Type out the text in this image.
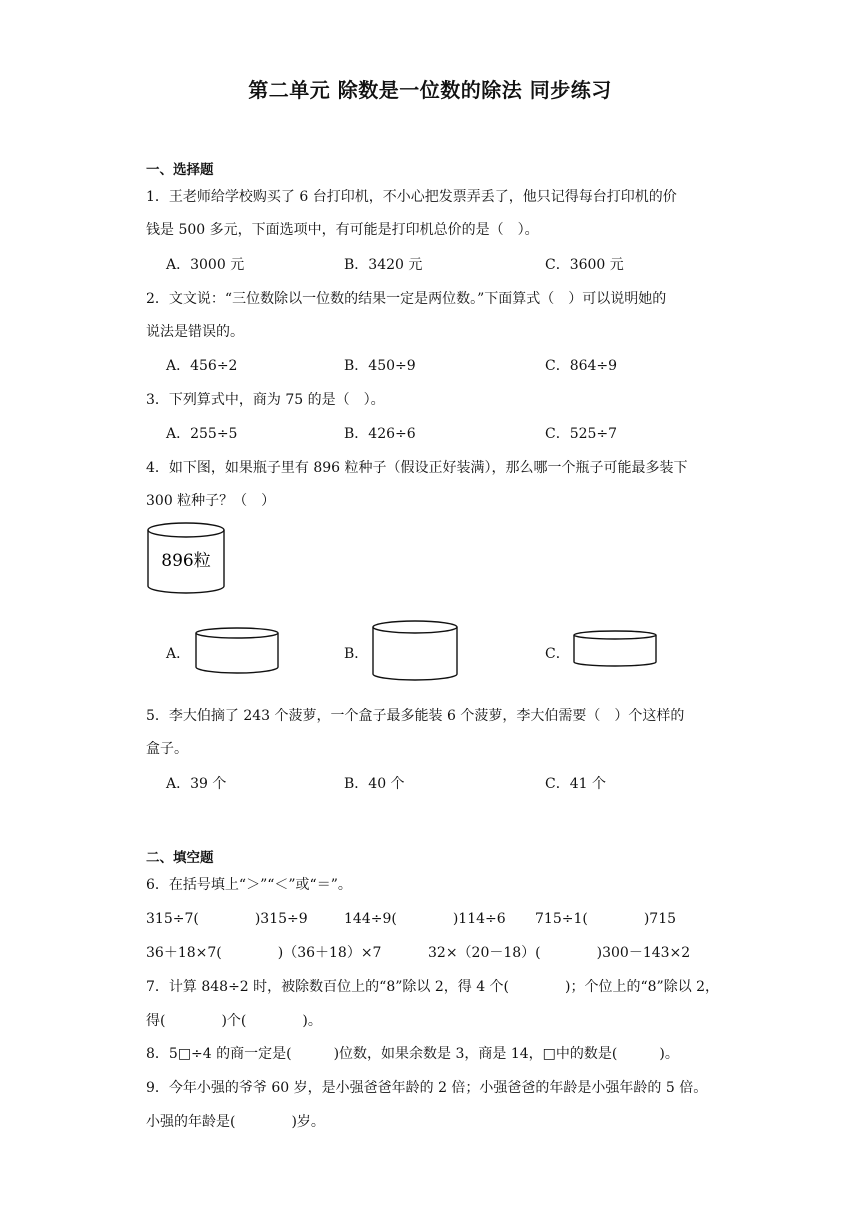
第二单元 除数是一位数的除法 同步练习
一、选择题
1．王老师给学校购买了 6 台打印机，不小心把发票弄丢了，他只记得每台打印机的价
钱是 500 多元，下面选项中，有可能是打印机总价的是（　）。
A．3000 元	B．3420 元	C．3600 元
2．文文说：“三位数除以一位数的结果一定是两位数。”下面算式（　）可以说明她的
说法是错误的。
A．456÷2	B．450÷9	C．864÷9
3．下列算式中，商为 75 的是（　）。
A．255÷5	B．426÷6	C．525÷7
4．如下图，如果瓶子里有 896 粒种子（假设正好装满），那么哪一个瓶子可能最多装下
300 粒种子？（　）
896粒
A．	B．	C．
5．李大伯摘了 243 个菠萝，一个盒子最多能装 6 个菠萝，李大伯需要（　）个这样的
盒子。
A．39 个	B．40 个	C．41 个
二、填空题
6．在括号填上“＞”“＜”或“＝”。
315÷7(　　　　)315÷9	144÷9(　　　　)114÷6 715÷1(　　　　)715
36＋18×7(　　　　)（36＋18）×7	32×（20－18）(　　　　)300－143×2
7．计算 848÷2 时，被除数百位上的“8”除以 2，得 4 个(　　　　)；个位上的“8”除以 2，
得(　　　　)个(　　　　)。
8．5□÷4 的商一定是(　　　)位数，如果余数是 3，商是 14，□中的数是(　　　)。
9．今年小强的爷爷 60 岁，是小强爸爸年龄的 2 倍；小强爸爸的年龄是小强年龄的 5 倍。
小强的年龄是(　　　　)岁。
